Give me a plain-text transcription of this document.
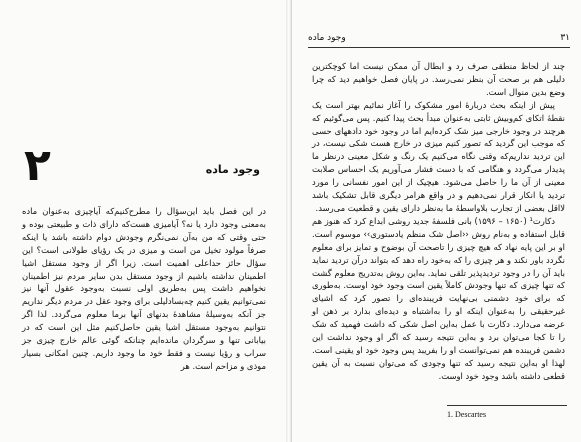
۲	وجود ماده

در این فصل باید این‌سؤال را مطرح‌کنیم‌که آیا‌چیزی به‌عنوان ماده به‌معنی وجود دارد یا نه؟ آیا‌میزی هست‌که دارای ذات و طبیعتی بوده و حتی وقتی که من به‌آن نمی‌نگرم وجودش دوام داشته باشد یا اینکه صرفاً مولود تخیل من است و میزی در یک رؤیای طولانی است؟ این سؤال حائز حداعلی اهمیت است. زیرا اگر از وجود مستقل اشیا اطمینان نداشته باشیم از وجود مستقل بدن سایر مردم نیز اطمینان نخواهیم داشت پس به‌طریق اولی نسبت به‌وجود عقول آنها نیز نمی‌توانیم یقین کنیم چه‌بسا‌دلیلی برای وجود عقل در مردم دیگر نداریم جز آنکه به‌وسیلهٔ مشاهدهٔ بدنهای آنها برما معلوم می‌گردد. لذا اگر نتوانیم به‌وجود مستقل اشیا یقین حاصل‌کنیم مثل این است که در بیابانی تنها و سرگردان مانده‌ایم چنانکه گوئی عالم خارج چیزی جز سراب و رؤیا نیست و فقط خود ما وجود داریم. چنین امکانی بسیار موذی و مزاحم است. هر

۳۱
وجود ماده

چند از لحاظ منطقی صرف رد و ابطال آن ممکن نیست اما کوچکترین دلیلی هم بر صحت آن بنظر نمی‌رسد. در پایان فصل خواهیم دید که چرا وضع بدین منوال است.

پیش از اینکه بحث دربارهٔ امور مشکوک را آغاز نمائیم بهتر است یک نقطهٔ اتکای کم‌و‌بیش ثابتی به‌عنوان مبدأ بحث پیدا کنیم. پس می‌گوئیم که هر‌چند در وجود خارجی میز شک کرده‌ایم اما در وجود خود دادههای حسی که موجب این گردید که تصور کنیم میزی در خارج هست شکی نیست، در این تردید نداریم‌که وقتی نگاه می‌کنیم یک رنگ و شکل معینی در‌نظر ما پدیدار می‌گردد و هنگامی که با دست فشار می‌آوریم یک احساس صلابت معینی از آن ما را حاصل می‌شود. هیچیک از این امور نفسانی را مورد تردید یا انکار قرار نمی‌دهیم و در واقع هرامر دیگری قابل تشکیک باشد لااقل بعضی از تجارب بلاواسطهٔ ما به‌نظر دارای یقین و قطعیت می‌رسد.

دکارت¹ (۱۶۵۰ – ۱۵۹۶) بانی فلسفهٔ جدید روشی ابداع کرد که هنوز هم قابل استفاده و به‌نام روش ‹‹اصل شک منظم یادستوری›› موسوم است. او بر این پایه نهاد که هیچ چیزی را تاصحت آن بوضوح و تمایز برای معلوم نگردد باور نکند و هر چیزی را که به‌خود راه دهد که بتواند درآن تردید نماید باید آن را در وجود تردید‌پذیر تلقی نماید. به‌این روش به‌تدریج معلوم گشت که تنها چیزی که تنها وجودش کاملاً یقین است وجود خود اوست. به‌طوری که برای خود دشمنی بی‌نهایت فریبنده‌ای را تصور کرد که اشیای غیرحقیقی را به‌عنوان اینکه او را به‌اشتباه و دیده‌ای بدارد بر ذهن او عرضه می‌دارد. دکارت با عمل به‌این اصل شکی که داشت فهمید که شک را تا کجا می‌توان برد و به‌این نتیجه رسید که اگر او وجود نداشت این دشمن فریبنده هم نمی‌توانست او را بفریبد پس وجود خود او یقینی است. لهذا او به‌این نتیجه رسید که تنها وجودی که می‌توان نسبت به آن یقین قطعی داشته باشد وجود خود اوست.

1. Descartes
